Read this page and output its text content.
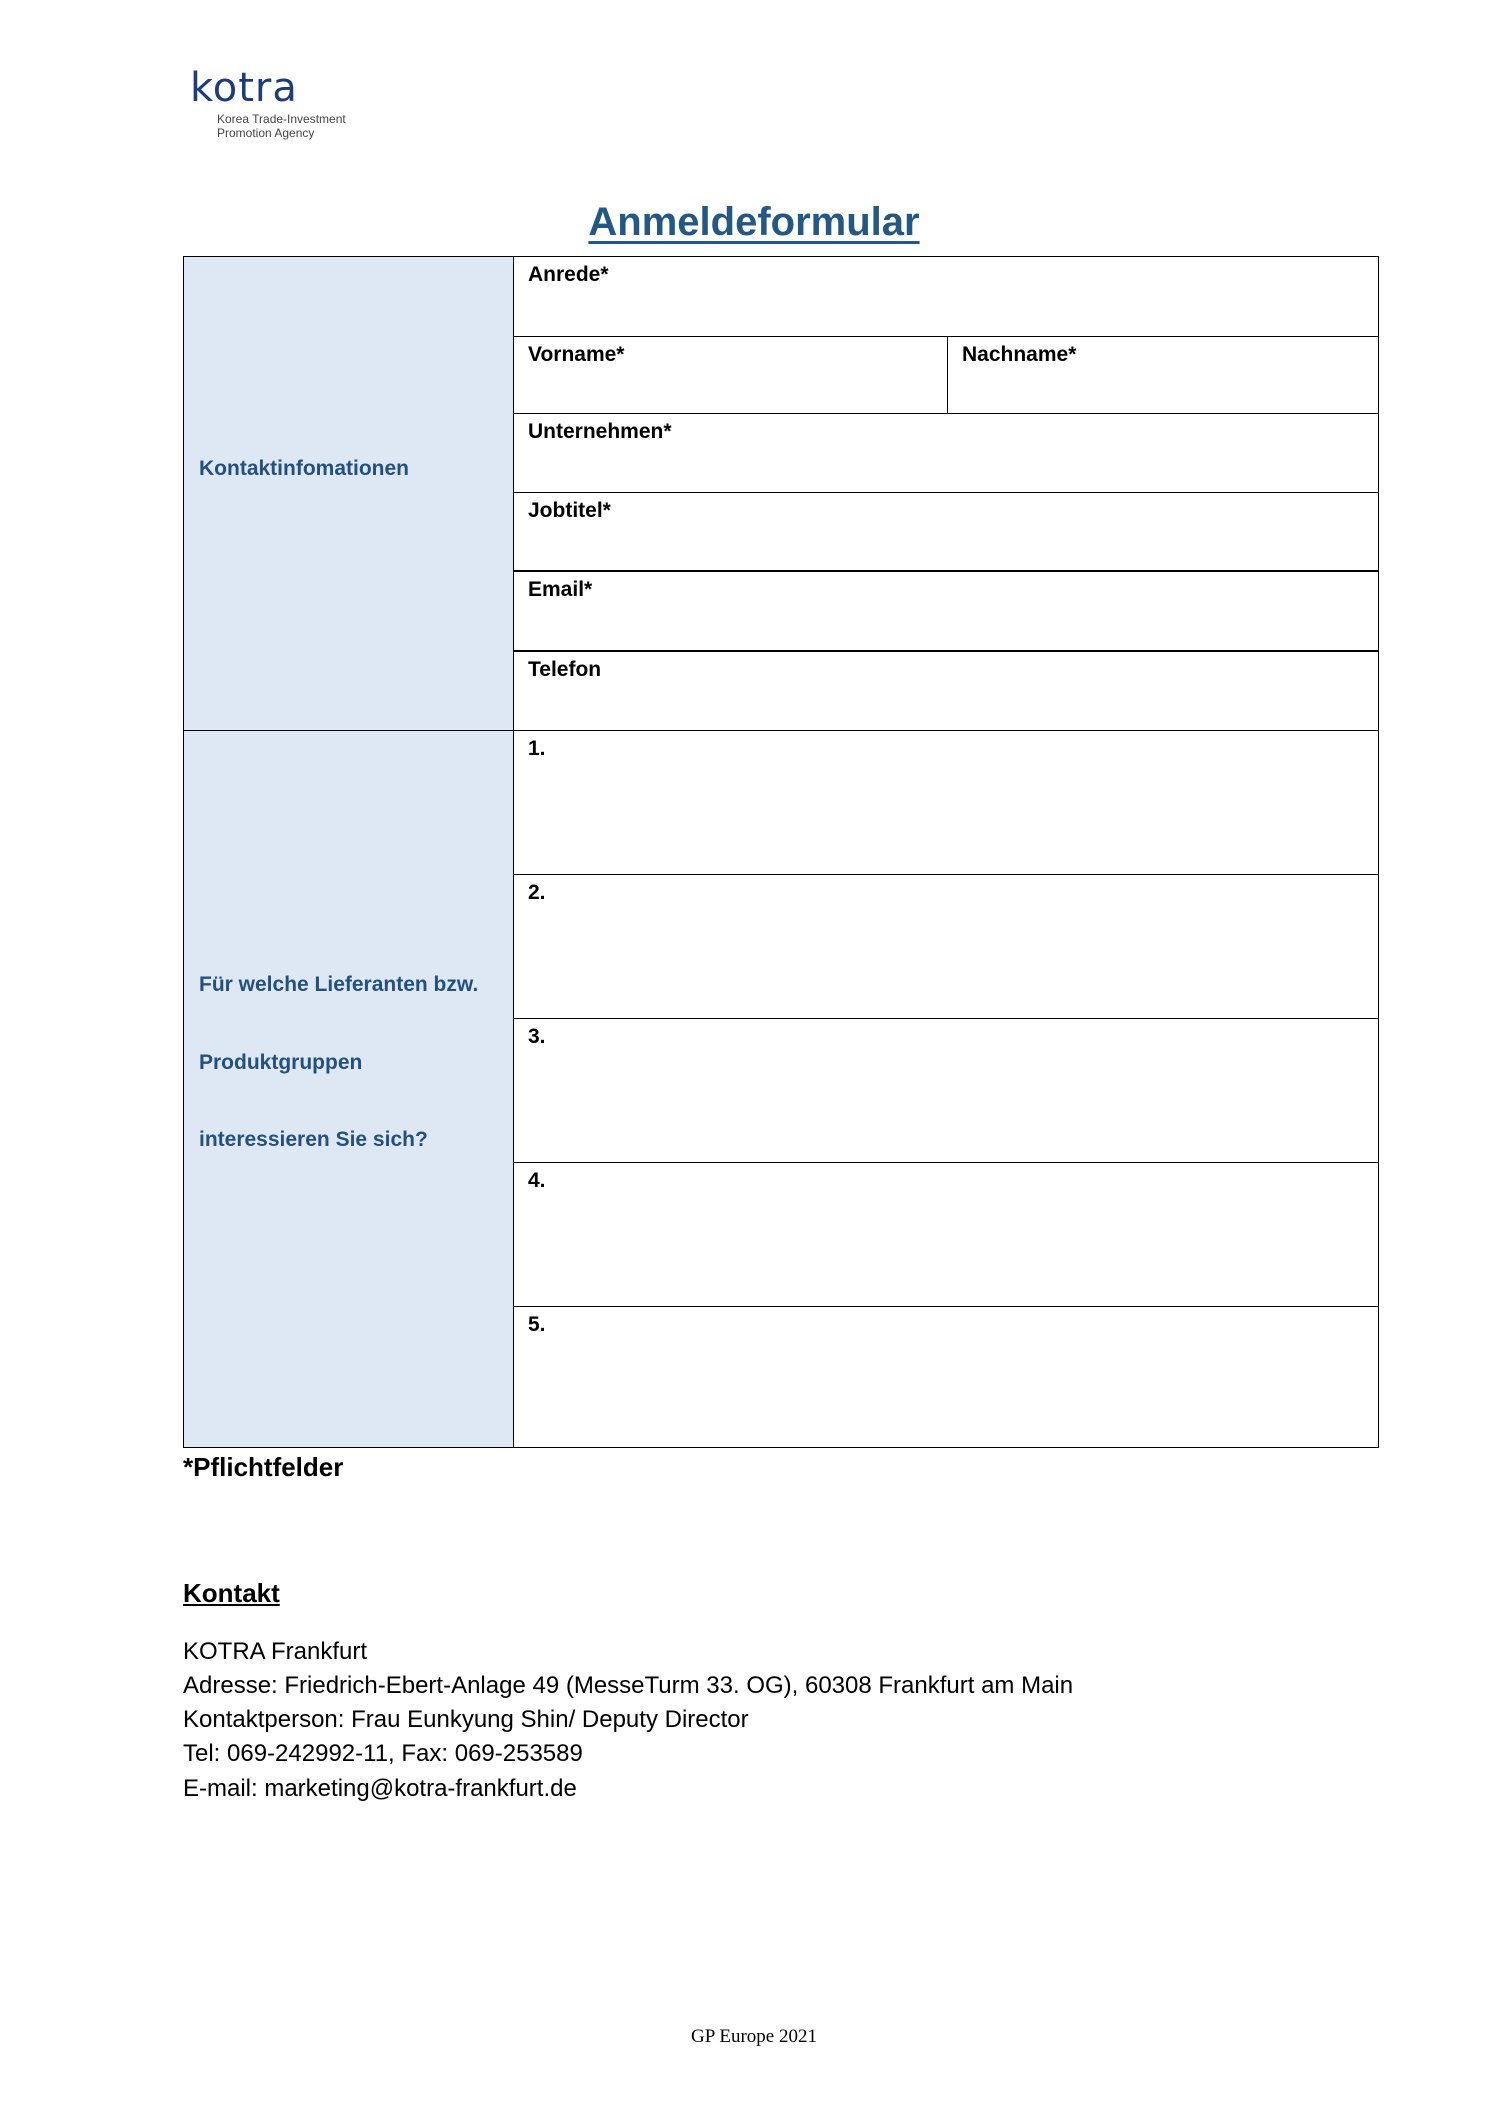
kotra
Korea Trade-Investment
Promotion Agency
Anmeldeformular
Kontaktinfomationen
Anrede*
Vorname*	Nachname*
Unternehmen*
Jobtitel*
Email*
Telefon
Für welche Lieferanten bzw.
Produktgruppen
interessieren Sie sich?
1.
2.
3.
4.
5.
*Pflichtfelder
Kontakt
KOTRA Frankfurt
Adresse: Friedrich-Ebert-Anlage 49 (MesseTurm 33. OG), 60308 Frankfurt am Main
Kontaktperson: Frau Eunkyung Shin/ Deputy Director
Tel: 069-242992-11, Fax: 069-253589
E-mail: marketing@kotra-frankfurt.de
GP Europe 2021
